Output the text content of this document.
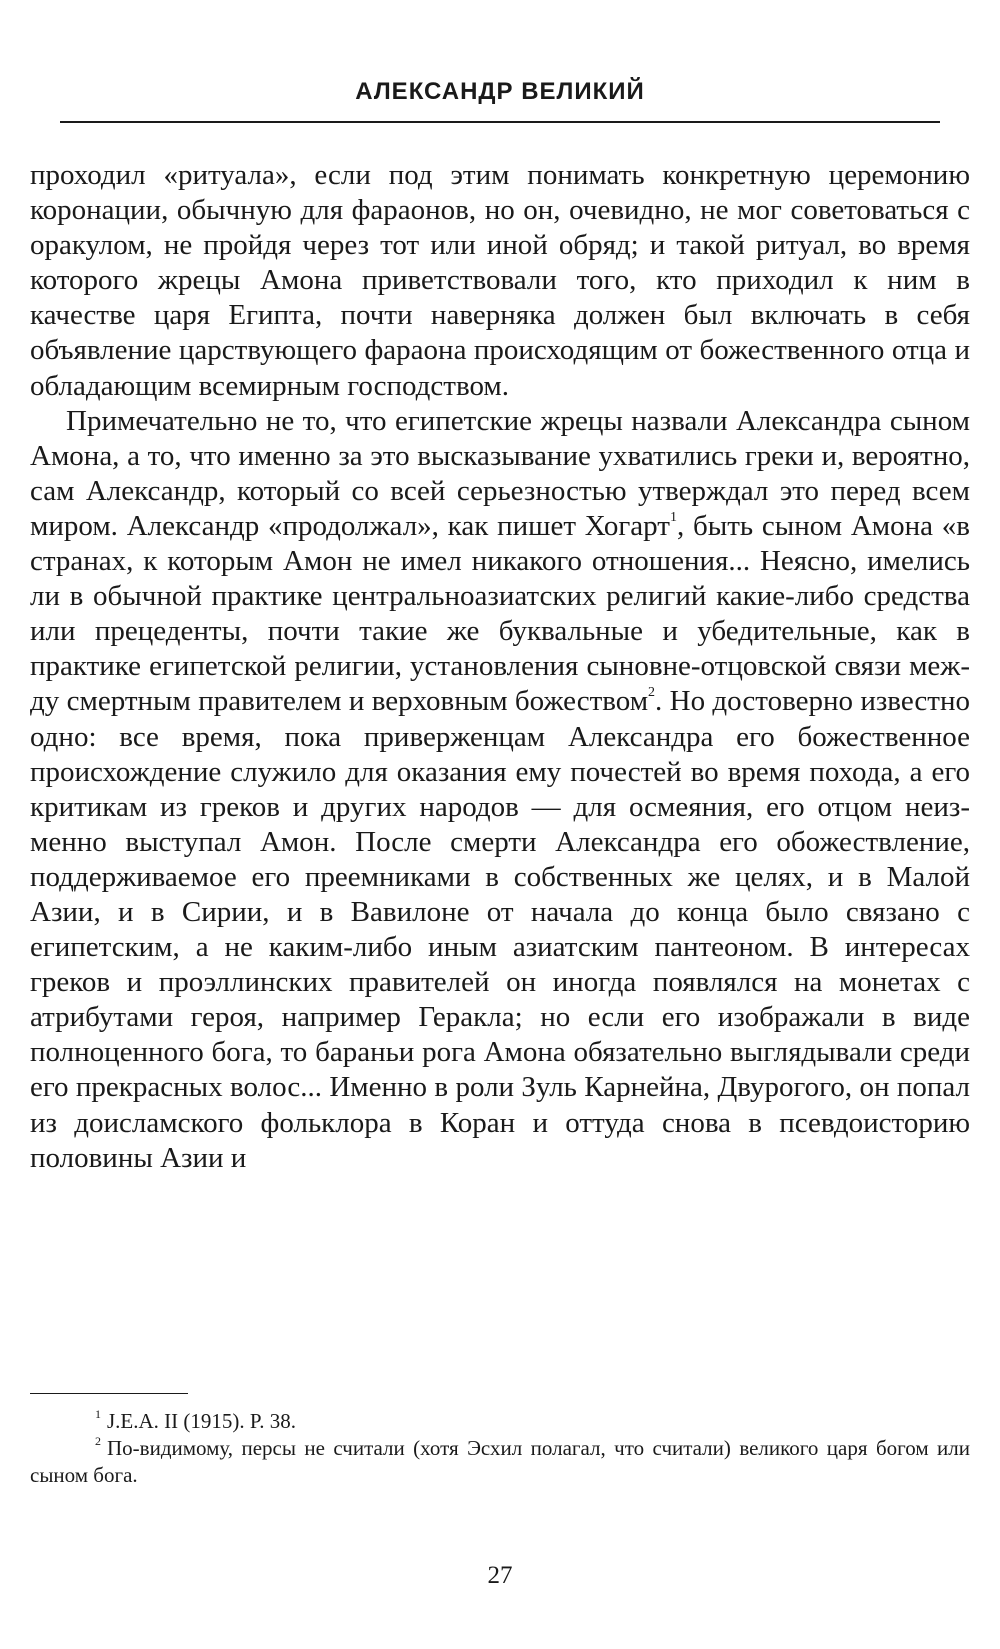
АЛЕКСАНДР ВЕЛИКИЙ

проходил «ритуала», если под этим понимать конкретную церемонию коронации, обычную для фараонов, но он, очевидно, не мог советоваться с оракулом, не пройдя через тот или иной обряд; и такой ритуал, во время которого жрецы Амона приветствовали того, кто приходил к ним в качестве царя Египта, почти наверняка должен был включать в себя объявление царствующего фараона происходящим от божественного отца и обладающим всемирным господством.

Примечательно не то, что египетские жрецы назвали Александра сыном Амона, а то, что именно за это высказывание ухватились греки и, вероятно, сам Александр, который со всей серьезностью утверждал это перед всем миром. Александр «продолжал», как пишет Хогарт$^1$, быть сыном Амона «в странах, к которым Амон не имел никакого отношения... Неясно, имелись ли в обычной практике центральноазиатских религий какие-либо средства или прецеденты, почти такие же буквальные и убедительные, как в практике египетской религии, установления сыновне-отцовской связи между смертным правителем и верховным божеством$^2$. Но достоверно известно одно: все время, пока приверженцам Александра его божественное происхождение служило для оказания ему почестей во время похода, а его критикам из греков и других народов — для осмеяния, его отцом неизменно выступал Амон. После смерти Александра его обожествление, поддерживаемое его преемниками в собственных же целях, и в Малой Азии, и в Сирии, и в Вавилоне от начала до конца было связано с египетским, а не каким-либо иным азиатским пантеоном. В интересах греков и проэллинских правителей он иногда появлялся на монетах с атрибутами героя, например Геракла; но если его изображали в виде полноценного бога, то бараньи рога Амона обязательно выглядывали среди его прекрасных волос... Именно в роли Зуль Карнейна, Двурогого, он попал из доисламского фольклора в Коран и оттуда снова в псевдоисторию половины Азии и

$^1$ J.E.A. II (1915). P. 38.

$^2$ По-видимому, персы не считали (хотя Эсхил полагал, что считали) великого царя богом или сыном бога.

27
